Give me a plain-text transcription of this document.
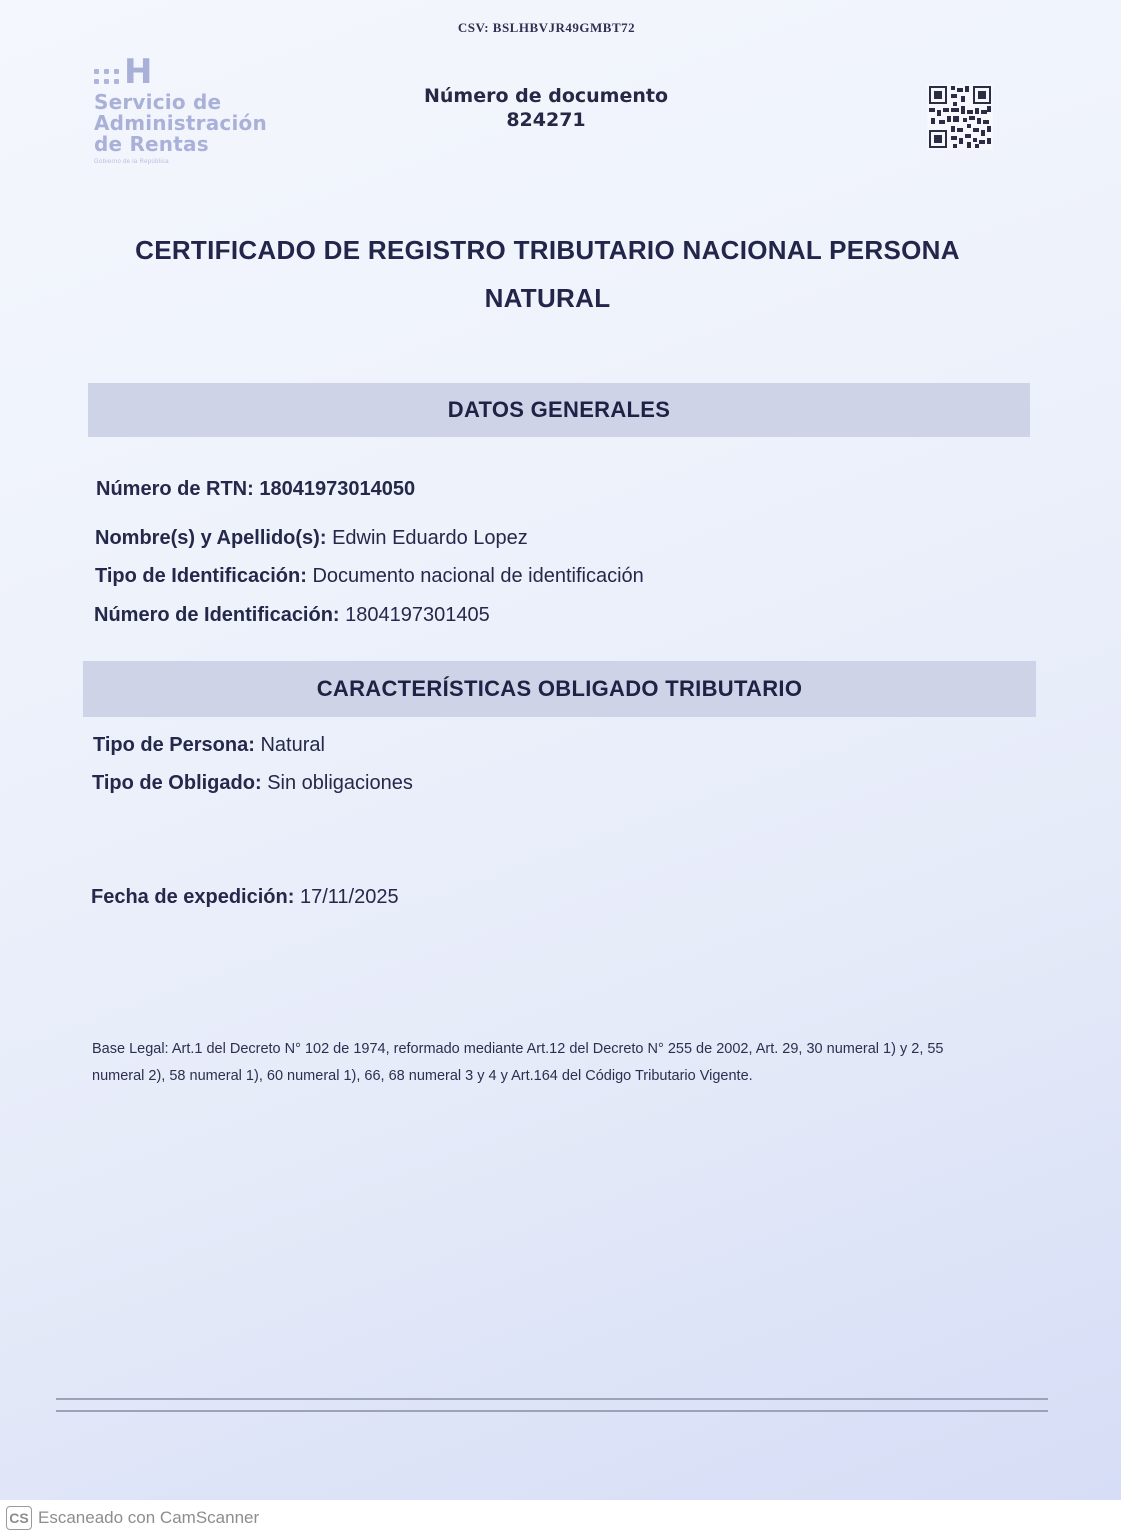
CSV: BSLHBVJR49GMBT72
H
Servicio de
Administración
de Rentas
Gobierno de la República
Número de documento
824271
CERTIFICADO DE REGISTRO TRIBUTARIO NACIONAL PERSONA NATURAL
DATOS GENERALES
Número de RTN: 18041973014050
Nombre(s) y Apellido(s): Edwin Eduardo Lopez
Tipo de Identificación: Documento nacional de identificación
Número de Identificación: 1804197301405
CARACTERÍSTICAS OBLIGADO TRIBUTARIO
Tipo de Persona: Natural
Tipo de Obligado: Sin obligaciones
Fecha de expedición: 17/11/2025
Base Legal: Art.1 del Decreto N° 102 de 1974, reformado mediante Art.12 del Decreto N° 255 de 2002, Art. 29, 30 numeral 1) y 2, 55 numeral 2), 58 numeral 1), 60 numeral 1), 66, 68 numeral 3 y 4 y Art.164 del Código Tributario Vigente.
CS Escaneado con CamScanner
